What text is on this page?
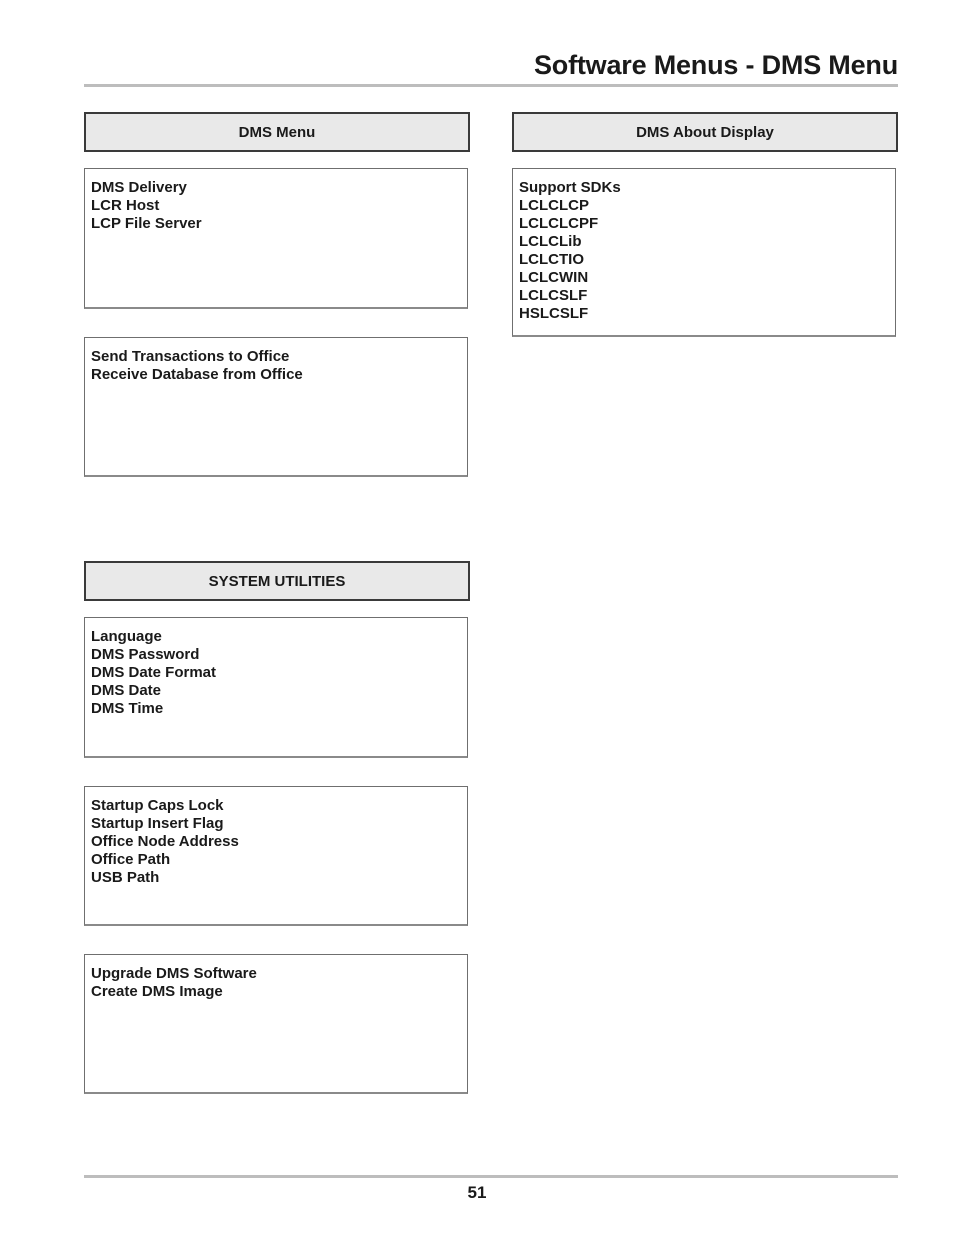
Software Menus - DMS Menu
DMS Menu
DMS Delivery
LCR Host
LCP File Server
Send Transactions to Office
Receive Database from Office
DMS About Display
Support SDKs
LCLCLCP
LCLCLCPF
LCLCLib
LCLCTIO
LCLCWIN
LCLCSLF
HSLCSLF
SYSTEM UTILITIES
Language
DMS Password
DMS Date Format
DMS Date
DMS Time
Startup Caps Lock
Startup Insert Flag
Office Node Address
Office Path
USB Path
Upgrade DMS Software
Create DMS Image
51
